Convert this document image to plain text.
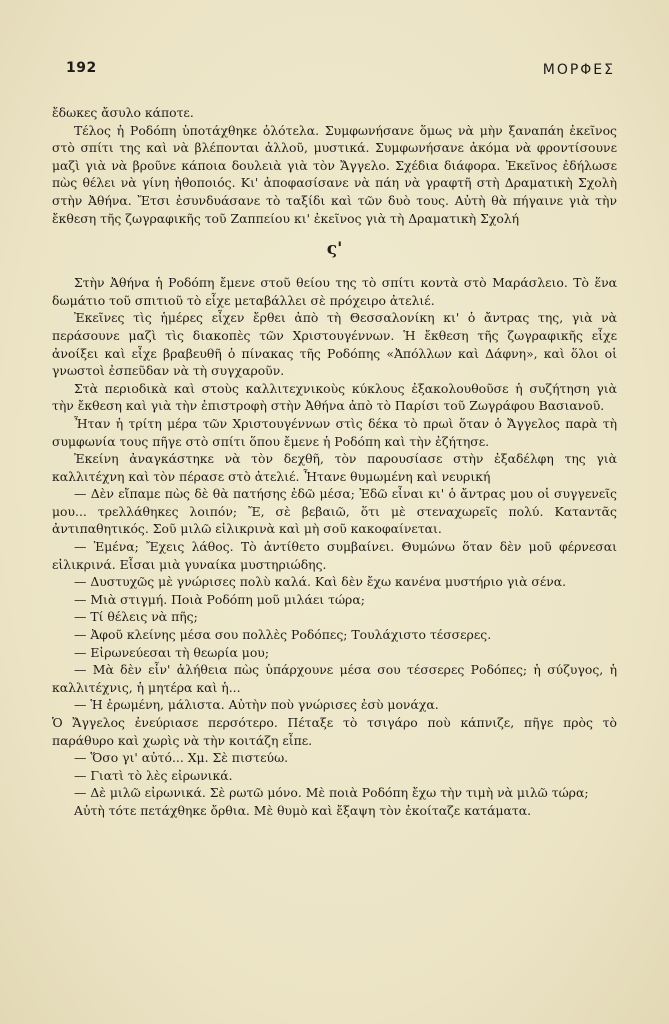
192	ΜΟΡΦΕΣ

ἔδωκες ἄσυλο κάποτε.

Τέλος ἡ Ροδόπη ὑποτάχθηκε ὁλότελα. Συμφωνήσανε ὅμως νὰ μὴν ξαναπάη ἐκεῖνος στὸ σπίτι της καὶ νὰ βλέπονται ἀλλοῦ, μυστικά. Συμφωνήσανε ἀκόμα νὰ φροντίσουνε μαζὶ γιὰ νὰ βροῦνε κάποια δουλειὰ γιὰ τὸν Ἄγγελο. Σχέδια διάφορα. Ἐκεῖνος ἐδήλωσε πὼς θέλει νὰ γίνη ἠθοποιός. Κι' ἀποφασίσανε νὰ πάη νὰ γραφτῆ στὴ Δραματικὴ Σχολὴ στὴν Ἀθήνα. Ἔτσι ἐσυνδυάσανε τὸ ταξίδι καὶ τῶν δυὸ τους. Αὐτὴ θὰ πήγαινε γιὰ τὴν ἔκθεση τῆς ζωγραφικῆς τοῦ Ζαππείου κι' ἐκεῖνος γιὰ τὴ Δραματικὴ Σχολή

ς'

Στὴν Ἀθήνα ἡ Ροδόπη ἔμενε στοῦ θείου της τὸ σπίτι κοντὰ στὸ Μαράσλειο. Τὸ ἕνα δωμάτιο τοῦ σπιτιοῦ τὸ εἶχε μεταβάλλει σὲ πρόχειρο ἀτελιέ.

Ἐκεῖνες τὶς ἡμέρες εἶχεν ἔρθει ἀπὸ τὴ Θεσσαλονίκη κι' ὁ ἄντρας της, γιὰ νὰ περάσουνε μαζὶ τὶς διακοπὲς τῶν Χριστουγέννων. Ἡ ἔκθεση τῆς ζωγραφικῆς εἶχε ἀνοίξει καὶ εἶχε βραβευθῆ ὁ πίνακας τῆς Ροδόπης «Ἀπόλλων καὶ Δάφνη», καὶ ὅλοι οἱ γνωστοὶ ἐσπεῦδαν νὰ τὴ συγχαροῦν.

Στὰ περιοδικὰ καὶ στοὺς καλλιτεχνικοὺς κύκλους ἐξακολουθοῦσε ἡ συζήτηση γιὰ τὴν ἔκθεση καὶ γιὰ τὴν ἐπιστροφὴ στὴν Ἀθήνα ἀπὸ τὸ Παρίσι τοῦ Ζωγράφου Βασιανοῦ.

Ἦταν ἡ τρίτη μέρα τῶν Χριστουγέννων στὶς δέκα τὸ πρωὶ ὅταν ὁ Ἄγγελος παρὰ τὴ συμφωνία τους πῆγε στὸ σπίτι ὅπου ἔμενε ἡ Ροδόπη καὶ τὴν ἐζήτησε.

Ἐκείνη ἀναγκάστηκε νὰ τὸν δεχθῆ, τὸν παρουσίασε στὴν ἐξαδέλφη της γιὰ καλλιτέχνη καὶ τὸν πέρασε στὸ ἀτελιέ. Ἦτανε θυμωμένη καὶ νευρική

— Δὲν εἴπαμε πὼς δὲ θὰ πατήσης ἐδῶ μέσα; Ἐδῶ εἶναι κι' ὁ ἄντρας μου οἱ συγγενεῖς μου... τρελλάθηκες λοιπόν; Ἔ, σὲ βεβαιῶ, ὅτι μὲ στεναχωρεῖς πολύ. Καταντᾶς ἀντιπαθητικός. Σοῦ μιλῶ εἰλικρινὰ καὶ μὴ σοῦ κακοφαίνεται.

— Ἐμένα; Ἔχεις λάθος. Τὸ ἀντίθετο συμβαίνει. Θυμώνω ὅταν δὲν μοῦ φέρνεσαι εἰλικρινά. Εἶσαι μιὰ γυναίκα μυστηριώδης.

— Δυστυχῶς μὲ γνώρισες πολὺ καλά. Καὶ δὲν ἔχω κανένα μυστήριο γιὰ σένα.

— Μιὰ στιγμή. Ποιὰ Ροδόπη μοῦ μιλάει τώρα;

— Τί θέλεις νὰ πῆς;

— Ἀφοῦ κλείνης μέσα σου πολλὲς Ροδόπες; Τουλάχιστο τέσσερες.

— Εἰρωνεύεσαι τὴ θεωρία μου;

— Μὰ δὲν εἶν' ἀλήθεια πὼς ὑπάρχουνε μέσα σου τέσσερες Ροδόπες; ἡ σύζυγος, ἡ καλλιτέχνις, ἡ μητέρα καὶ ἡ...

— Ἡ ἐρωμένη, μάλιστα. Αὐτὴν ποὺ γνώρισες ἐσὺ μονάχα.

Ὁ Ἄγγελος ἐνεύριασε περσότερο. Πέταξε τὸ τσιγάρο ποὺ κάπνιζε, πῆγε πρὸς τὸ παράθυρο καὶ χωρὶς νὰ τὴν κοιτάζη εἶπε.

— Ὅσο γι' αὐτό... Χμ. Σὲ πιστεύω.

— Γιατὶ τὸ λὲς εἰρωνικά.

— Δὲ μιλῶ εἰρωνικά. Σὲ ρωτῶ μόνο. Μὲ ποιὰ Ροδόπη ἔχω τὴν τιμὴ νὰ μιλῶ τώρα;

Αὐτὴ τότε πετάχθηκε ὄρθια. Μὲ θυμὸ καὶ ἔξαψη τὸν ἐκοίταζε κατάματα.
